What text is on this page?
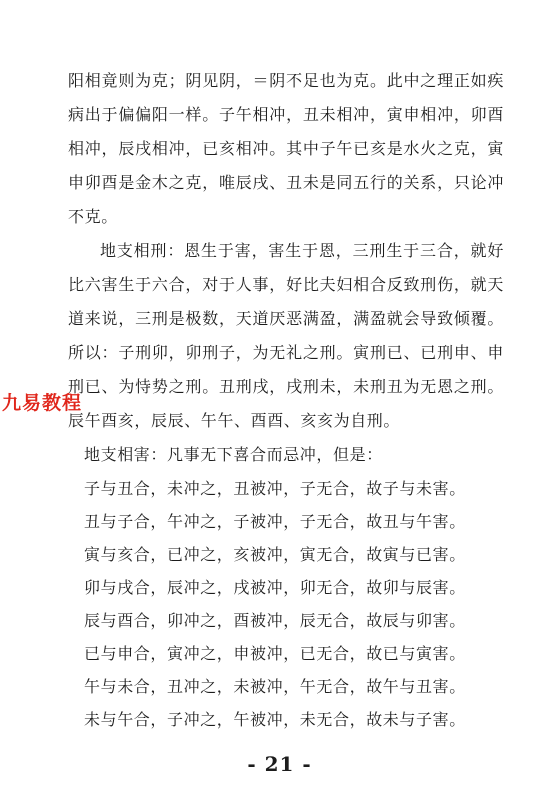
阳相竟则为克；阴见阴，＝阴不足也为克。此中之理正如疾病出于偏偏阳一样。子午相冲，丑未相冲，寅申相冲，卯酉相冲，辰戌相冲，已亥相冲。其中子午已亥是水火之克，寅申卯酉是金木之克，唯辰戌、丑未是同五行的关系，只论冲不克。

地支相刑：恩生于害，害生于恩，三刑生于三合，就好比六害生于六合，对于人事，好比夫妇相合反致刑伤，就天道来说，三刑是极数，天道厌恶满盈，满盈就会导致倾覆。所以：子刑卯，卯刑子，为无礼之刑。寅刑已、已刑申、申刑已、为恃势之刑。丑刑戌，戌刑未，未刑丑为无恩之刑。辰午酉亥，辰辰、午午、酉酉、亥亥为自刑。

地支相害：凡事无下喜合而忌冲，但是：

子与丑合，未冲之，丑被冲，子无合，故子与未害。

丑与子合，午冲之，子被冲，子无合，故丑与午害。

寅与亥合，已冲之，亥被冲，寅无合，故寅与已害。

卯与戌合，辰冲之，戌被冲，卯无合，故卯与辰害。

辰与酉合，卯冲之，酉被冲，辰无合，故辰与卯害。

已与申合，寅冲之，申被冲，已无合，故已与寅害。

午与未合，丑冲之，未被冲，午无合，故午与丑害。

未与午合，子冲之，午被冲，未无合，故未与子害。

九易教程
- 21 -
